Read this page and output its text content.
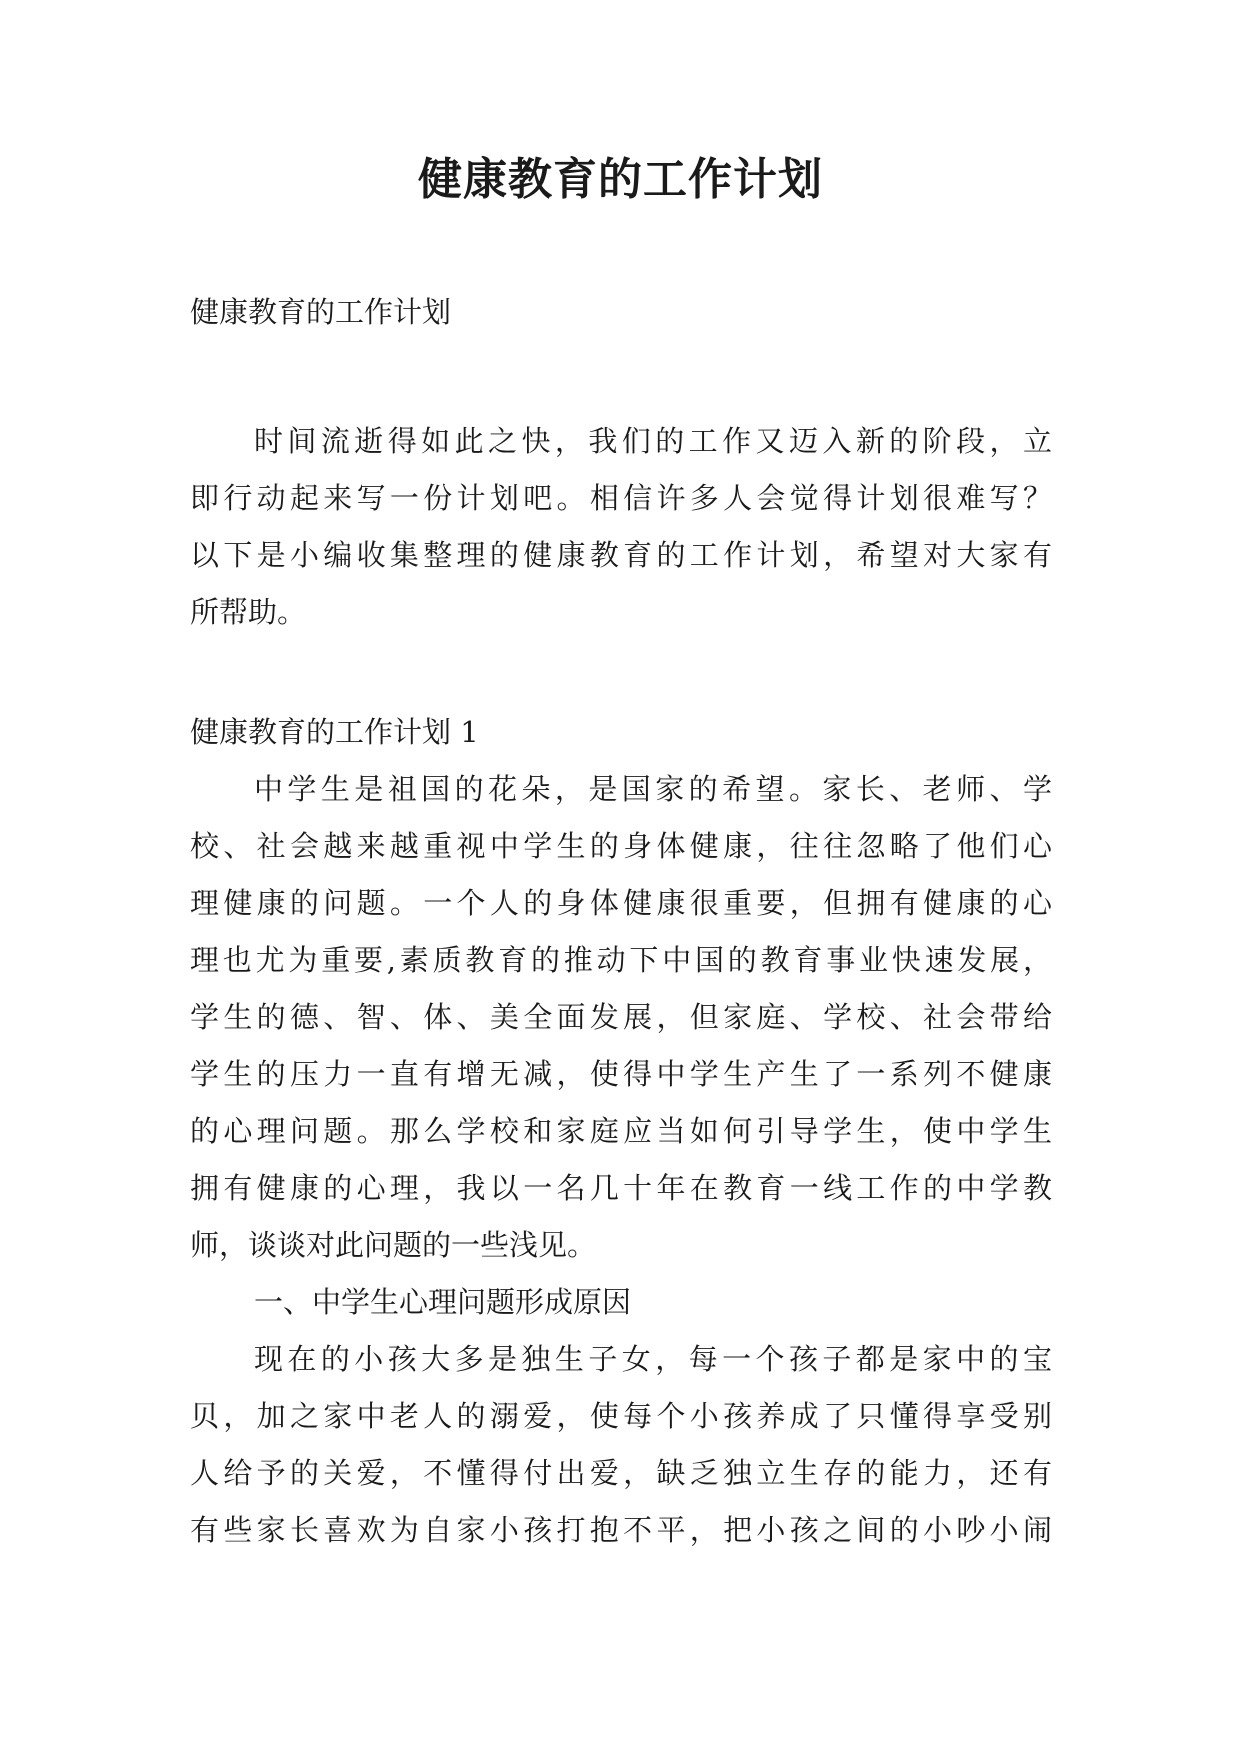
健康教育的工作计划
健康教育的工作计划
时间流逝得如此之快，我们的工作又迈入新的阶段，立
即行动起来写一份计划吧。相信许多人会觉得计划很难写？
以下是小编收集整理的健康教育的工作计划，希望对大家有
所帮助。
健康教育的工作计划 1
中学生是祖国的花朵，是国家的希望。家长、老师、学
校、社会越来越重视中学生的身体健康，往往忽略了他们心
理健康的问题。一个人的身体健康很重要，但拥有健康的心
理也尤为重要,素质教育的推动下中国的教育事业快速发展，
学生的德、智、体、美全面发展，但家庭、学校、社会带给
学生的压力一直有增无减，使得中学生产生了一系列不健康
的心理问题。那么学校和家庭应当如何引导学生，使中学生
拥有健康的心理，我以一名几十年在教育一线工作的中学教
师，谈谈对此问题的一些浅见。
一、中学生心理问题形成原因
现在的小孩大多是独生子女，每一个孩子都是家中的宝
贝，加之家中老人的溺爱，使每个小孩养成了只懂得享受别
人给予的关爱，不懂得付出爱，缺乏独立生存的能力，还有
有些家长喜欢为自家小孩打抱不平，把小孩之间的小吵小闹
